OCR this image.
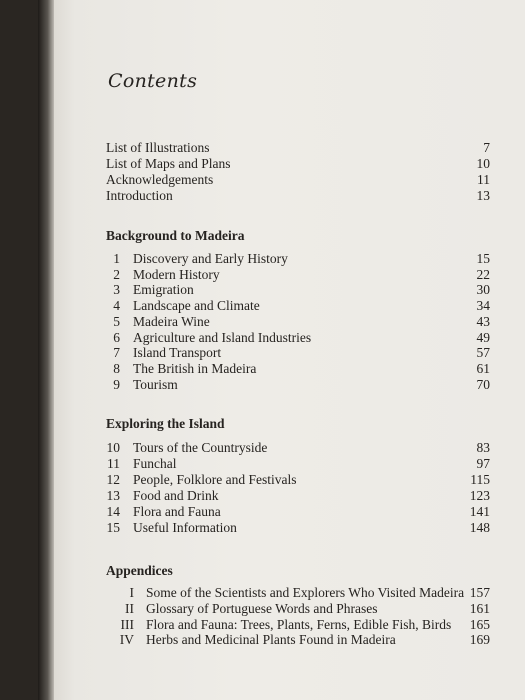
Contents
List of Illustrations	7
List of Maps and Plans	10
Acknowledgements	11
Introduction	13
Background to Madeira
1 Discovery and Early History	15
2 Modern History	22
3 Emigration	30
4 Landscape and Climate	34
5 Madeira Wine	43
6 Agriculture and Island Industries	49
7 Island Transport	57
8 The British in Madeira	61
9 Tourism	70
Exploring the Island
10 Tours of the Countryside	83
11 Funchal	97
12 People, Folklore and Festivals	115
13 Food and Drink	123
14 Flora and Fauna	141
15 Useful Information	148
Appendices
I Some of the Scientists and Explorers Who Visited Madeira 157
II Glossary of Portuguese Words and Phrases	161
III Flora and Fauna: Trees, Plants, Ferns, Edible Fish, Birds 165
IV Herbs and Medicinal Plants Found in Madeira	169
